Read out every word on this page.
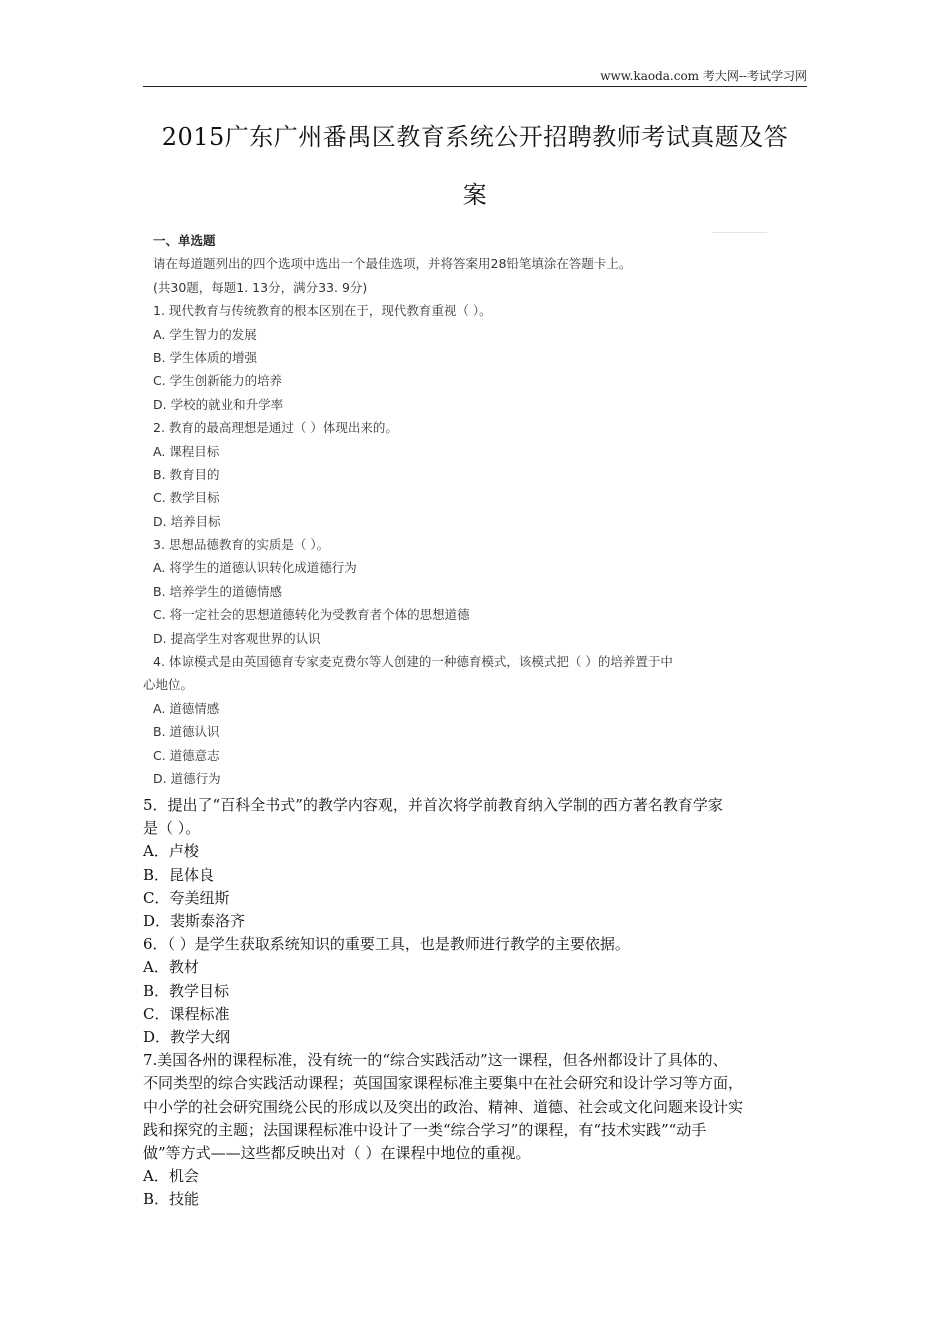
www.kaoda.com 考大网--考试学习网
2015广东广州番禺区教育系统公开招聘教师考试真题及答
案
一、单选题
请在每道题列出的四个选项中选出一个最佳选项，并将答案用28铅笔填涂在答题卡上。
(共30题，每题1. 13分，满分33. 9分)
1. 现代教育与传统教育的根本区别在于，现代教育重视（ ）。
A. 学生智力的发展
B. 学生体质的增强
C. 学生创新能力的培养
D. 学校的就业和升学率
2. 教育的最高理想是通过（ ）体现出来的。
A. 课程目标
B. 教育目的
C. 教学目标
D. 培养目标
3. 思想品德教育的实质是（ ）。
A. 将学生的道德认识转化成道德行为
B. 培养学生的道德情感
C. 将一定社会的思想道德转化为受教育者个体的思想道德
D. 提高学生对客观世界的认识
4. 体谅模式是由英国德育专家麦克费尔等人创建的一种德育模式，该模式把（ ）的培养置于中
心地位。
A. 道德情感
B. 道德认识
C. 道德意志
D. 道德行为
5．提出了“百科全书式”的教学内容观，并首次将学前教育纳入学制的西方著名教育学家
是（ ）。
A．卢梭
B．昆体良
C．夸美纽斯
D．裴斯泰洛齐
6．（ ）是学生获取系统知识的重要工具，也是教师进行教学的主要依据。
A．教材
B．教学目标
C．课程标准
D．教学大纲
7.美国各州的课程标准，没有统一的“综合实践活动”这一课程，但各州都设计了具体的、
不同类型的综合实践活动课程；英国国家课程标准主要集中在社会研究和设计学习等方面，
中小学的社会研究围绕公民的形成以及突出的政治、精神、道德、社会或文化问题来设计实
践和探究的主题；法国课程标准中设计了一类“综合学习”的课程，有“技术实践”“动手
做”等方式——这些都反映出对（ ）在课程中地位的重视。
A．机会
B．技能
